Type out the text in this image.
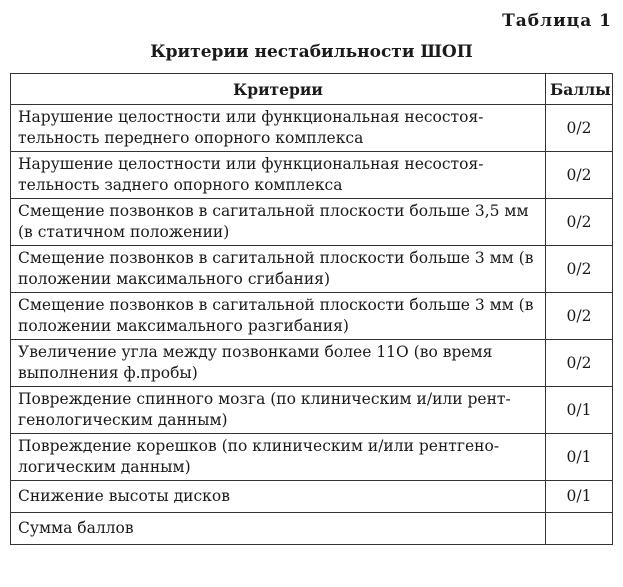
Таблица 1
Критерии нестабильности ШОП
Критерии	Баллы
Нарушение целостности или функциональная несостоя-тельность переднего опорного комплекса	0/2
Нарушение целостности или функциональная несостоя-тельность заднего опорного комплекса	0/2
Смещение позвонков в сагитальной плоскости больше 3,5 мм (в статичном положении)	0/2
Смещение позвонков в сагитальной плоскости больше 3 мм (в положении максимального сгибания)	0/2
Смещение позвонков в сагитальной плоскости больше 3 мм (в положении максимального разгибания)	0/2
Увеличение угла между позвонками более 11О (во время выполнения ф.пробы)	0/2
Повреждение спинного мозга (по клиническим и/или рент-генологическим данным)	0/1
Повреждение корешков (по клиническим и/или рентгено-логическим данным)	0/1
Снижение высоты дисков	0/1
Сумма баллов	
